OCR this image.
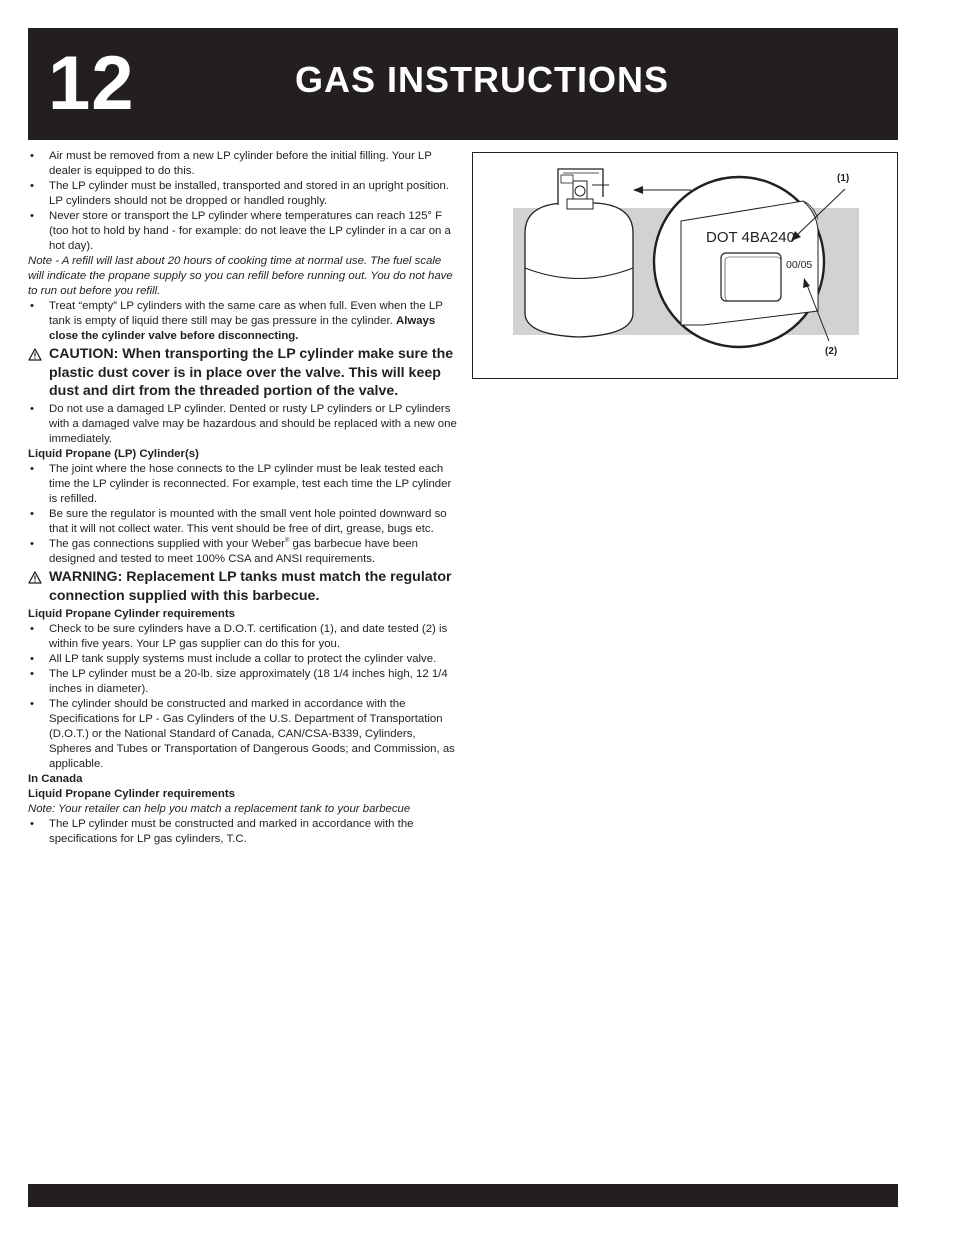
12	GAS INSTRUCTIONS

• Air must be removed from a new LP cylinder before the initial filling. Your LP dealer is equipped to do this.

• The LP cylinder must be installed, transported and stored in an upright position. LP cylinders should not be dropped or handled roughly.

• Never store or transport the LP cylinder where temperatures can reach 125° F (too hot to hold by hand - for example: do not leave the LP cylinder in a car on a hot day).

Note - A refill will last about 20 hours of cooking time at normal use. The fuel scale will indicate the propane supply so you can refill before running out. You do not have to run out before you refill.

• Treat “empty” LP cylinders with the same care as when full. Even when the LP tank is empty of liquid there still may be gas pressure in the cylinder. Always close the cylinder valve before disconnecting.

CAUTION: When transporting the LP cylinder make sure the plastic dust cover is in place over the valve. This will keep dust and dirt from the threaded portion of the valve.

• Do not use a damaged LP cylinder. Dented or rusty LP cylinders or LP cylinders with a damaged valve may be hazardous and should be replaced with a new one immediately.

Liquid Propane (LP) Cylinder(s)

• The joint where the hose connects to the LP cylinder must be leak tested each time the LP cylinder is reconnected. For example, test each time the LP cylinder is refilled.

• Be sure the regulator is mounted with the small vent hole pointed downward so that it will not collect water. This vent should be free of dirt, grease, bugs etc.

• The gas connections supplied with your Weber® gas barbecue have been designed and tested to meet 100% CSA and ANSI requirements.

WARNING: Replacement LP tanks must match the regulator connection supplied with this barbecue.

Liquid Propane Cylinder requirements

• Check to be sure cylinders have a D.O.T. certification (1), and date tested (2) is within five years. Your LP gas supplier can do this for you.

• All LP tank supply systems must include a collar to protect the cylinder valve.

• The LP cylinder must be a 20-lb. size approximately (18 1/4 inches high, 12 1/4 inches in diameter).

• The cylinder should be constructed and marked in accordance with the Specifications for LP - Gas Cylinders of the U.S. Department of Transportation (D.O.T.) or the National Standard of Canada, CAN/CSA-B339, Cylinders, Spheres and Tubes or Transportation of Dangerous Goods; and Commission, as applicable.

In Canada

Liquid Propane Cylinder requirements

Note: Your retailer can help you match a replacement tank to your barbecue

• The LP cylinder must be constructed and marked in accordance with the specifications for LP gas cylinders, T.C.

(1)
(2)
DOT 4BA240
00/05
